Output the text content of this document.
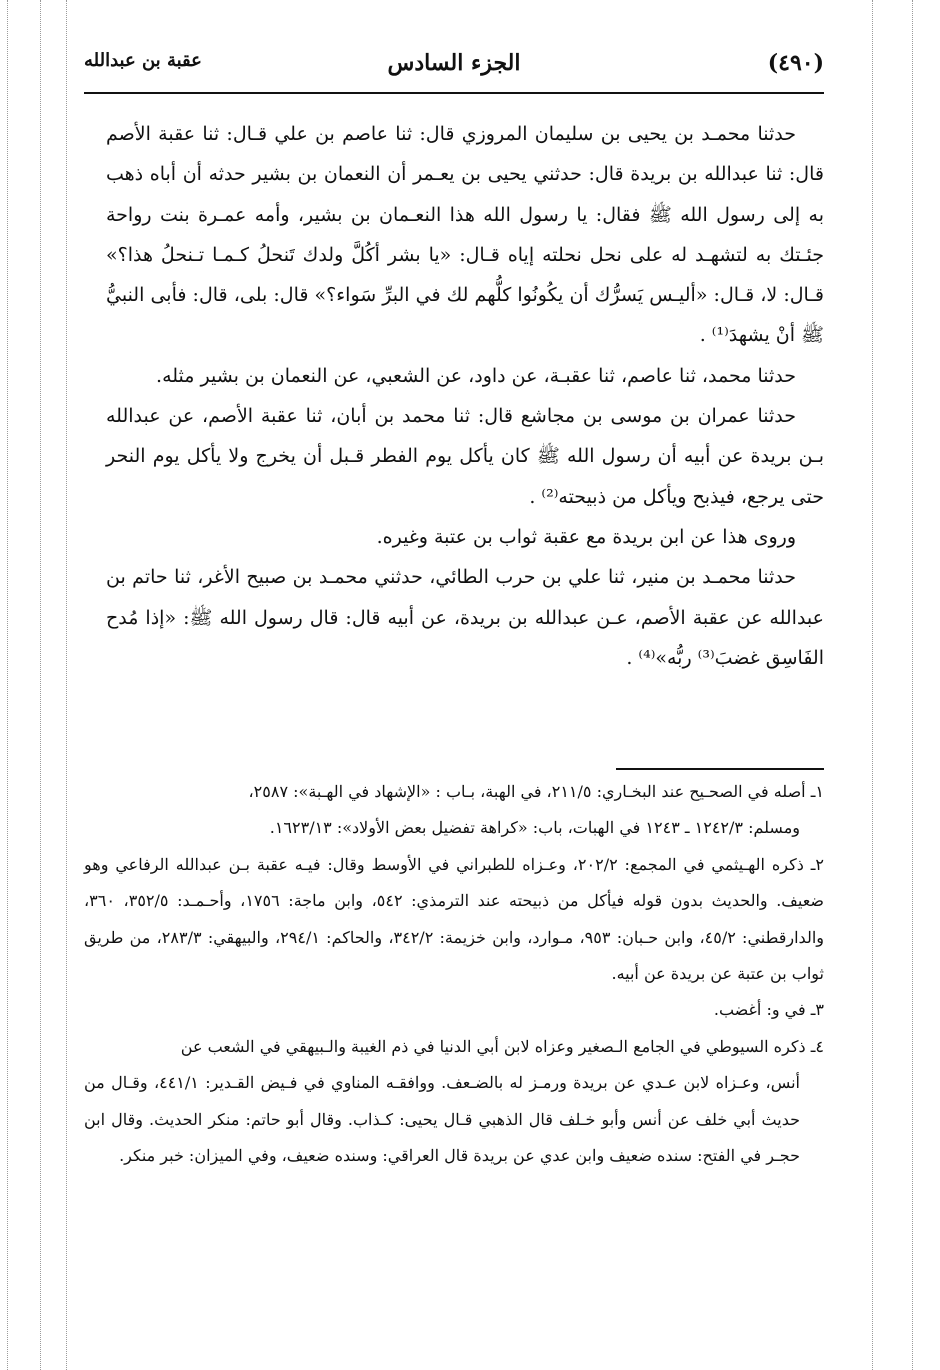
(٤٩٠)
الجزء السادس
عقبة بن عبدالله

حدثنا محمـد بن يحيى بن سليمان المروزي قال: ثنا عاصم بن علي قـال: ثنا عقبة الأصم قال: ثنا عبدالله بن بريدة قال: حدثني يحيى بن يعـمر أن النعمان بن بشير حدثه أن أباه ذهب به إلى رسول الله ﷺ فقال: يا رسول الله هذا النعـمان بن بشير، وأمه عمـرة بنت رواحة جئـتك به لتشهـد له على نحل نحلته إياه قـال: «يا بشر أكُلَّ ولدك تَنحلُ كـمـا تـنحلُ هذا؟» قـال: لا، قـال: «أليـس يَسرُّك أن يكُونُوا كلُّهم لك في البرِّ سَواء؟» قال: بلى، قال: فأبى النبيُّ ﷺ أنْ يشهدَ⁽¹⁾ .

حدثنا محمد، ثنا عاصم، ثنا عقبـة، عن داود، عن الشعبي، عن النعمان بن بشير مثله.

حدثنا عمران بن موسى بن مجاشع قال: ثنا محمد بن أبان، ثنا عقبة الأصم، عن عبدالله بـن بريدة عن أبيه أن رسول الله ﷺ كان يأكل يوم الفطر قـبل أن يخرج ولا يأكل يوم النحر حتى يرجع، فيذبح ويأكل من ذبيحته⁽²⁾ .

وروى هذا عن ابن بريدة مع عقبة ثواب بن عتبة وغيره.

حدثنا محمـد بن منير، ثنا علي بن حرب الطائي، حدثني محمـد بن صبيح الأغر، ثنا حاتم بن عبدالله عن عقبة الأصم، عـن عبدالله بن بريدة، عن أبيه قال: قال رسول الله ﷺ: «إذا مُدح الفَاسِق غضبَ⁽³⁾ ربُّه»⁽⁴⁾ .

١ـ أصله في الصحـيح عند البخـاري: ٢١١/٥، في الهبة، بـاب : «الإشهاد في الهـبة»: ٢٥٨٧،

ومسلم: ١٢٤٢/٣ ـ ١٢٤٣ في الهبات، باب: «كراهة تفضيل بعض الأولاد»: ١٦٢٣/١٣.

٢ـ ذكره الهـيثمي في المجمع: ٢٠٢/٢، وعـزاه للطبراني في الأوسط وقال: فيـه عقبة بـن عبدالله الرفاعي وهو ضعيف. والحديث بدون قوله فيأكل من ذبيحته عند الترمذي: ٥٤٢، وابن ماجة: ١٧٥٦، وأحـمـد: ٣٥٢/٥، ٣٦٠، والدارقطني: ٤٥/٢، وابن حـبان: ٩٥٣، مـوارد، وابن خزيمة: ٣٤٢/٢، والحاكم: ٢٩٤/١، والبيهقي: ٢٨٣/٣، من طريق ثواب بن عتبة عن بريدة عن أبيه.

٣ـ في و: أغضب.

٤ـ ذكره السيوطي في الجامع الـصغير وعزاه لابن أبي الدنيا في ذم الغيبة والـبيهقي في الشعب عن

أنس، وعـزاه لابن عـدي عن بريدة ورمـز له بالضـعف. ووافقـه المناوي في فـيض القـدير: ٤٤١/١، وقـال من حديث أبي خلف عن أنس وأبو خـلف قال الذهبي قـال يحيى: كـذاب. وقال أبو حاتم: منكر الحديث. وقال ابن حجـر في الفتح: سنده ضعيف وابن عدي عن بريدة قال العراقي: وسنده ضعيف، وفي الميزان: خبر منكر.
